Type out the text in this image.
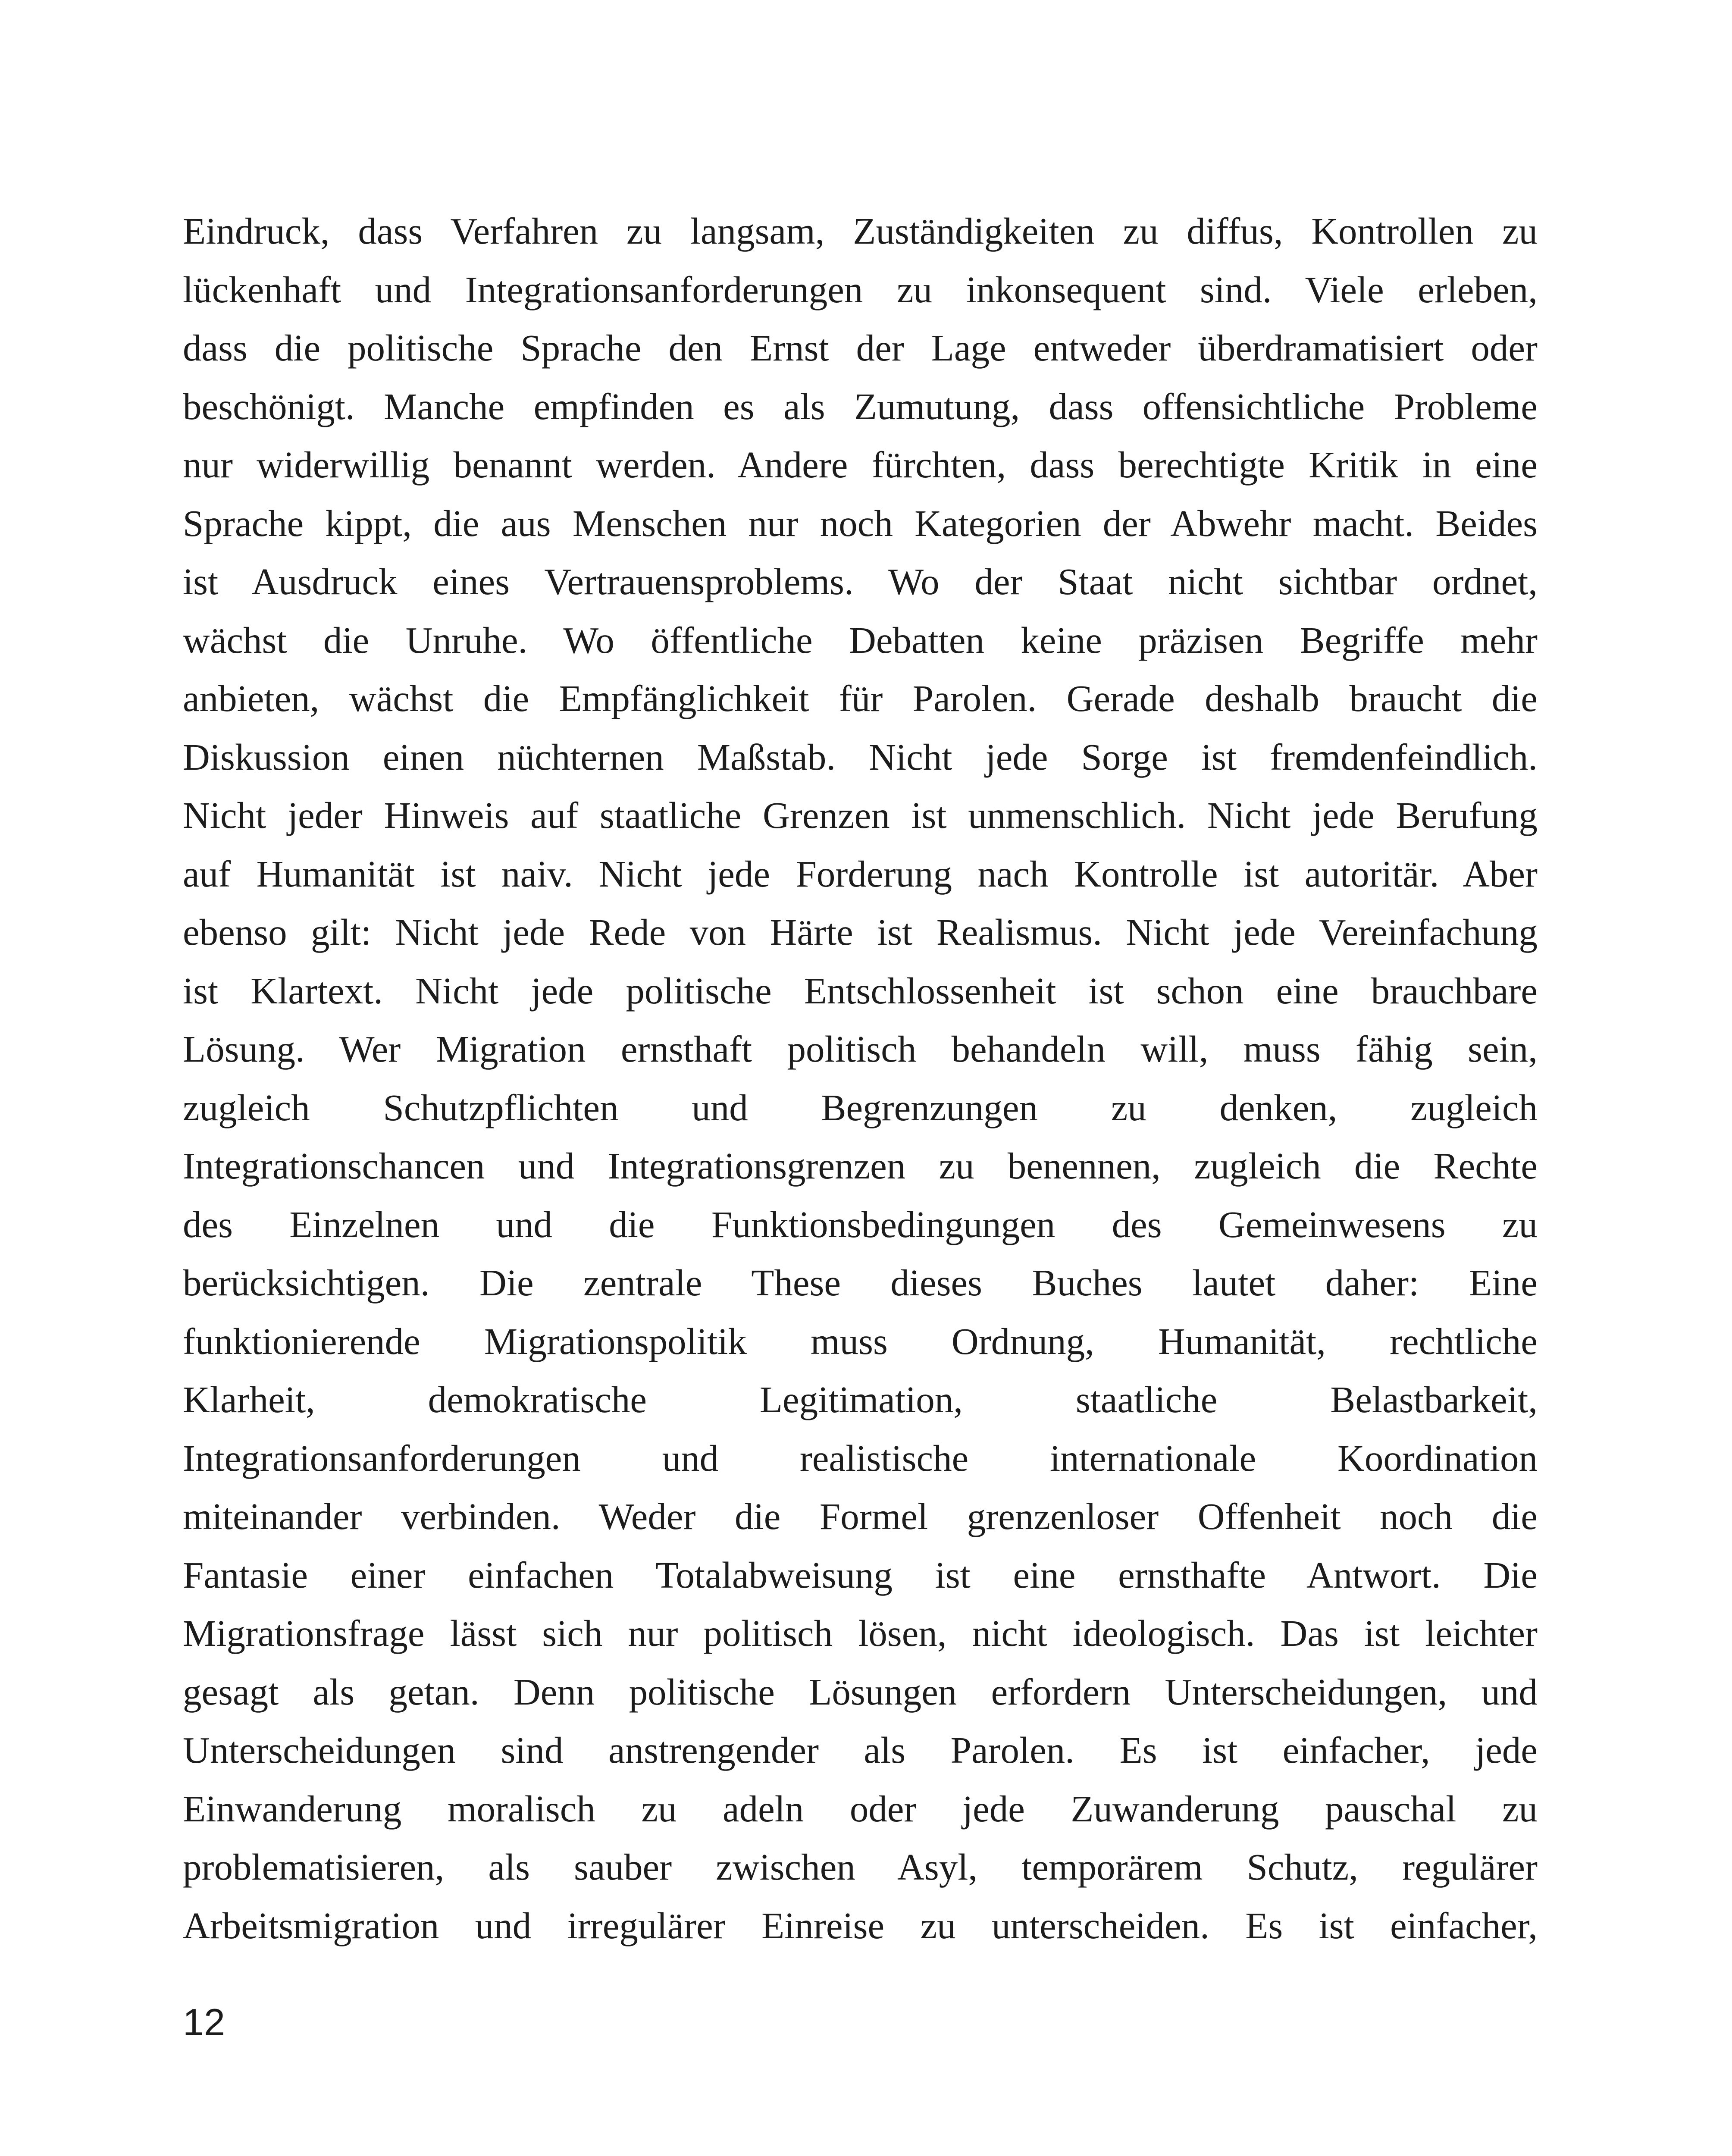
Eindruck, dass Verfahren zu langsam, Zuständigkeiten zu diffus, Kontrollen zu
lückenhaft und Integrationsanforderungen zu inkonsequent sind. Viele erleben,
dass die politische Sprache den Ernst der Lage entweder überdramatisiert oder
beschönigt. Manche empfinden es als Zumutung, dass offensichtliche Probleme
nur widerwillig benannt werden. Andere fürchten, dass berechtigte Kritik in eine
Sprache kippt, die aus Menschen nur noch Kategorien der Abwehr macht. Beides
ist Ausdruck eines Vertrauensproblems. Wo der Staat nicht sichtbar ordnet,
wächst die Unruhe. Wo öffentliche Debatten keine präzisen Begriffe mehr
anbieten, wächst die Empfänglichkeit für Parolen. Gerade deshalb braucht die
Diskussion einen nüchternen Maßstab. Nicht jede Sorge ist fremdenfeindlich.
Nicht jeder Hinweis auf staatliche Grenzen ist unmenschlich. Nicht jede Berufung
auf Humanität ist naiv. Nicht jede Forderung nach Kontrolle ist autoritär. Aber
ebenso gilt: Nicht jede Rede von Härte ist Realismus. Nicht jede Vereinfachung
ist Klartext. Nicht jede politische Entschlossenheit ist schon eine brauchbare
Lösung. Wer Migration ernsthaft politisch behandeln will, muss fähig sein,
zugleich Schutzpflichten und Begrenzungen zu denken, zugleich
Integrationschancen und Integrationsgrenzen zu benennen, zugleich die Rechte
des Einzelnen und die Funktionsbedingungen des Gemeinwesens zu
berücksichtigen. Die zentrale These dieses Buches lautet daher: Eine
funktionierende Migrationspolitik muss Ordnung, Humanität, rechtliche
Klarheit, demokratische Legitimation, staatliche Belastbarkeit,
Integrationsanforderungen und realistische internationale Koordination
miteinander verbinden. Weder die Formel grenzenloser Offenheit noch die
Fantasie einer einfachen Totalabweisung ist eine ernsthafte Antwort. Die
Migrationsfrage lässt sich nur politisch lösen, nicht ideologisch. Das ist leichter
gesagt als getan. Denn politische Lösungen erfordern Unterscheidungen, und
Unterscheidungen sind anstrengender als Parolen. Es ist einfacher, jede
Einwanderung moralisch zu adeln oder jede Zuwanderung pauschal zu
problematisieren, als sauber zwischen Asyl, temporärem Schutz, regulärer
Arbeitsmigration und irregulärer Einreise zu unterscheiden. Es ist einfacher,
12
